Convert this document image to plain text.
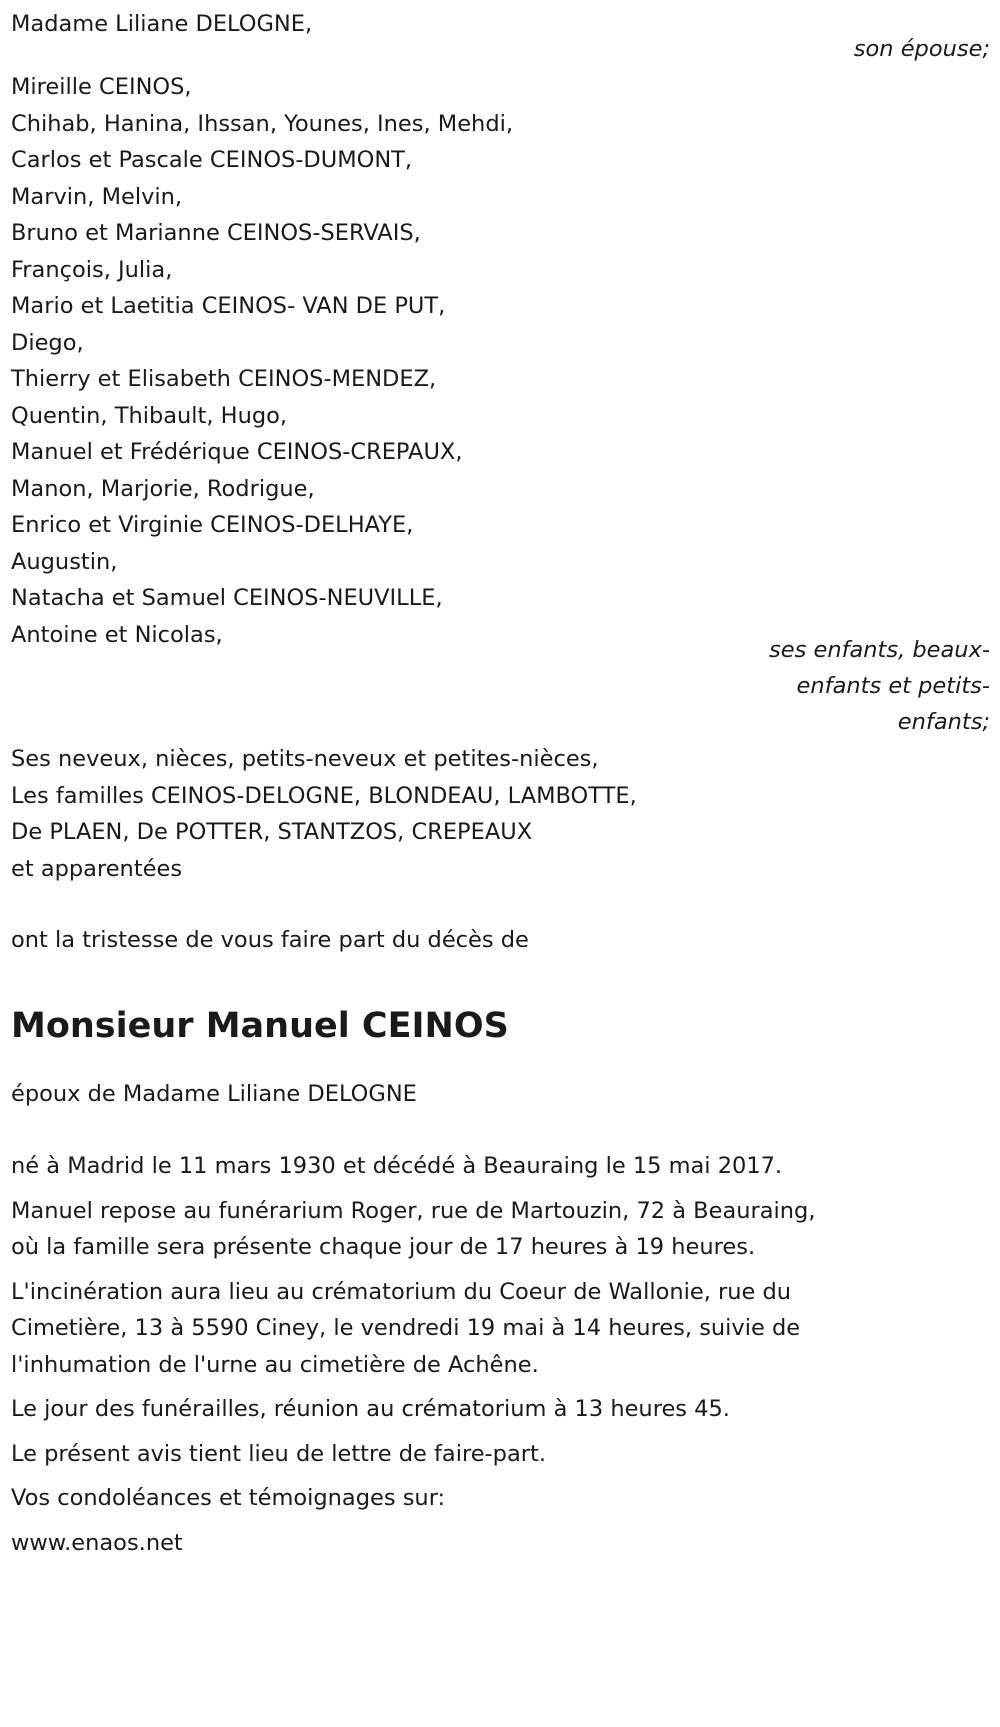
Madame Liliane DELOGNE,

son épouse;

Mireille CEINOS,

Chihab, Hanina, Ihssan, Younes, Ines, Mehdi,

Carlos et Pascale CEINOS-DUMONT,

Marvin, Melvin,

Bruno et Marianne CEINOS-SERVAIS,

François, Julia,

Mario et Laetitia CEINOS- VAN DE PUT,

Diego,

Thierry et Elisabeth CEINOS-MENDEZ,

Quentin, Thibault, Hugo,

Manuel et Frédérique CEINOS-CREPAUX,

Manon, Marjorie, Rodrigue,

Enrico et Virginie CEINOS-DELHAYE,

Augustin,

Natacha et Samuel CEINOS-NEUVILLE,

Antoine et Nicolas,

ses enfants, beaux-

enfants et petits-

enfants;

Ses neveux, nièces, petits-neveux et petites-nièces,

Les familles CEINOS-DELOGNE, BLONDEAU, LAMBOTTE,

De PLAEN, De POTTER, STANTZOS, CREPEAUX

et apparentées

ont la tristesse de vous faire part du décès de

Monsieur Manuel CEINOS

époux de Madame Liliane DELOGNE

né à Madrid le 11 mars 1930 et décédé à Beauraing le 15 mai 2017.

Manuel repose au funérarium Roger, rue de Martouzin, 72 à Beauraing,
où la famille sera présente chaque jour de 17 heures à 19 heures.

L'incinération aura lieu au crématorium du Coeur de Wallonie, rue du
Cimetière, 13 à 5590 Ciney, le vendredi 19 mai à 14 heures, suivie de
l'inhumation de l'urne au cimetière de Achêne.

Le jour des funérailles, réunion au crématorium à 13 heures 45.

Le présent avis tient lieu de lettre de faire-part.

Vos condoléances et témoignages sur:

www.enaos.net
